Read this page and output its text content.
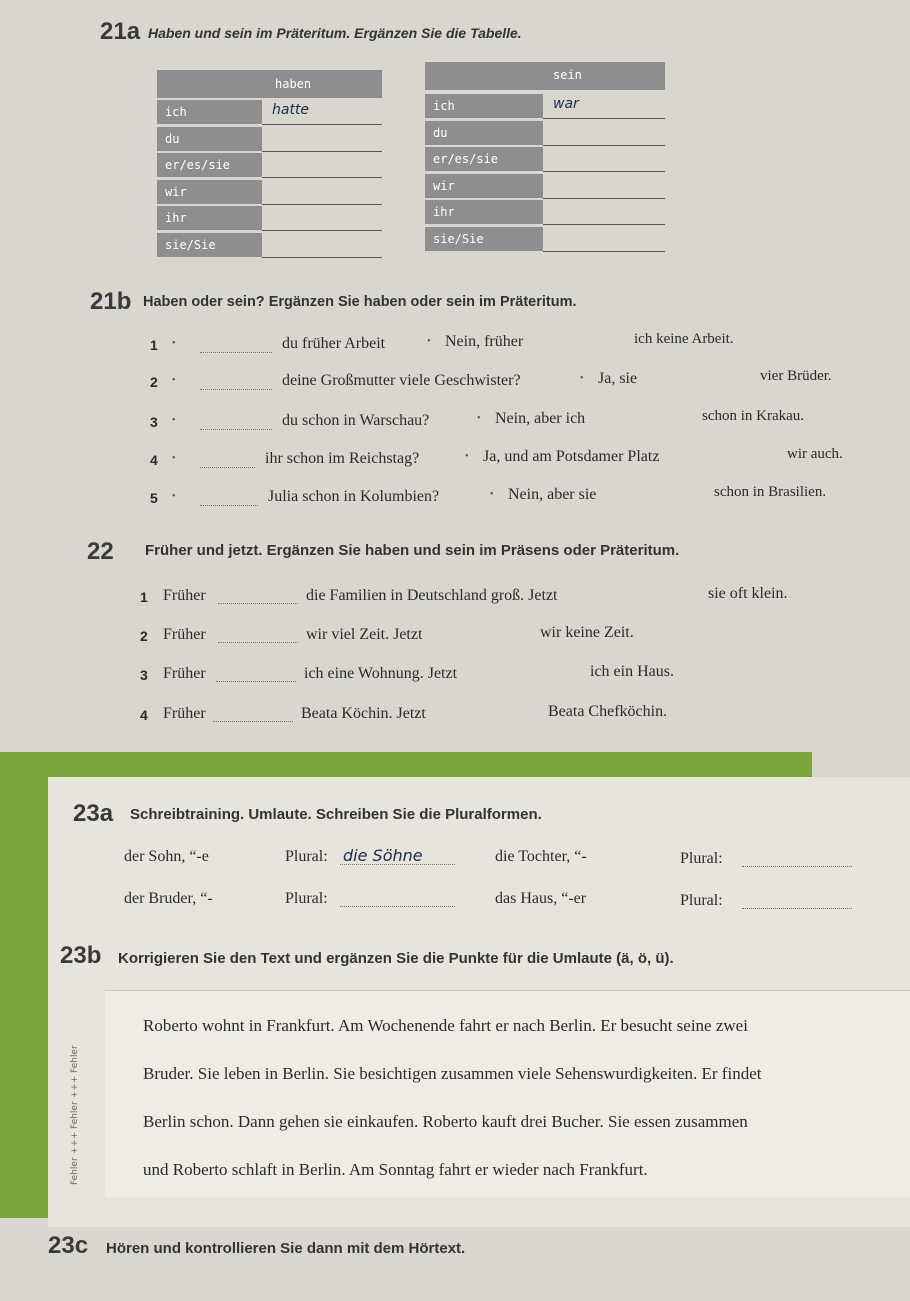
21a Haben und sein im Präteritum. Ergänzen Sie die Tabelle.
haben
ich	hatte
du
er/es/sie
wir
ihr
sie/Sie
sein
ich	war
du
er/es/sie
wir
ihr
sie/Sie
21b Haben oder sein? Ergänzen Sie haben oder sein im Präteritum.
1 •	du früher Arbeit	• Nein, früher	ich keine Arbeit.
2 •	deine Großmutter viele Geschwister?	• Ja, sie	vier Brüder.
3 •	du schon in Warschau?	• Nein, aber ich	schon in Krakau.
4 •	ihr schon im Reichstag?	• Ja, und am Potsdamer Platz	wir auch.
5 •	Julia schon in Kolumbien?	• Nein, aber sie	schon in Brasilien.
22 Früher und jetzt. Ergänzen Sie haben und sein im Präsens oder Präteritum.
1 Früher	die Familien in Deutschland groß. Jetzt	sie oft klein.
2 Früher	wir viel Zeit. Jetzt	wir keine Zeit.
3 Früher	ich eine Wohnung. Jetzt	ich ein Haus.
4 Früher	Beata Köchin. Jetzt	Beata Chefköchin.
23a Schreibtraining. Umlaute. Schreiben Sie die Pluralformen.
der Sohn, “-e	Plural: die Söhne	die Tochter, “-	Plural:
der Bruder, “-	Plural:	das Haus, “-er	Plural:
23b Korrigieren Sie den Text und ergänzen Sie die Punkte für die Umlaute (ä, ö, ü).
Fehler +++ Fehler +++ Fehler
Roberto wohnt in Frankfurt. Am Wochenende fahrt er nach Berlin. Er besucht seine zwei
Bruder. Sie leben in Berlin. Sie besichtigen zusammen viele Sehenswurdigkeiten. Er findet
Berlin schon. Dann gehen sie einkaufen. Roberto kauft drei Bucher. Sie essen zusammen
und Roberto schlaft in Berlin. Am Sonntag fahrt er wieder nach Frankfurt.
23c Hören und kontrollieren Sie dann mit dem Hörtext.
